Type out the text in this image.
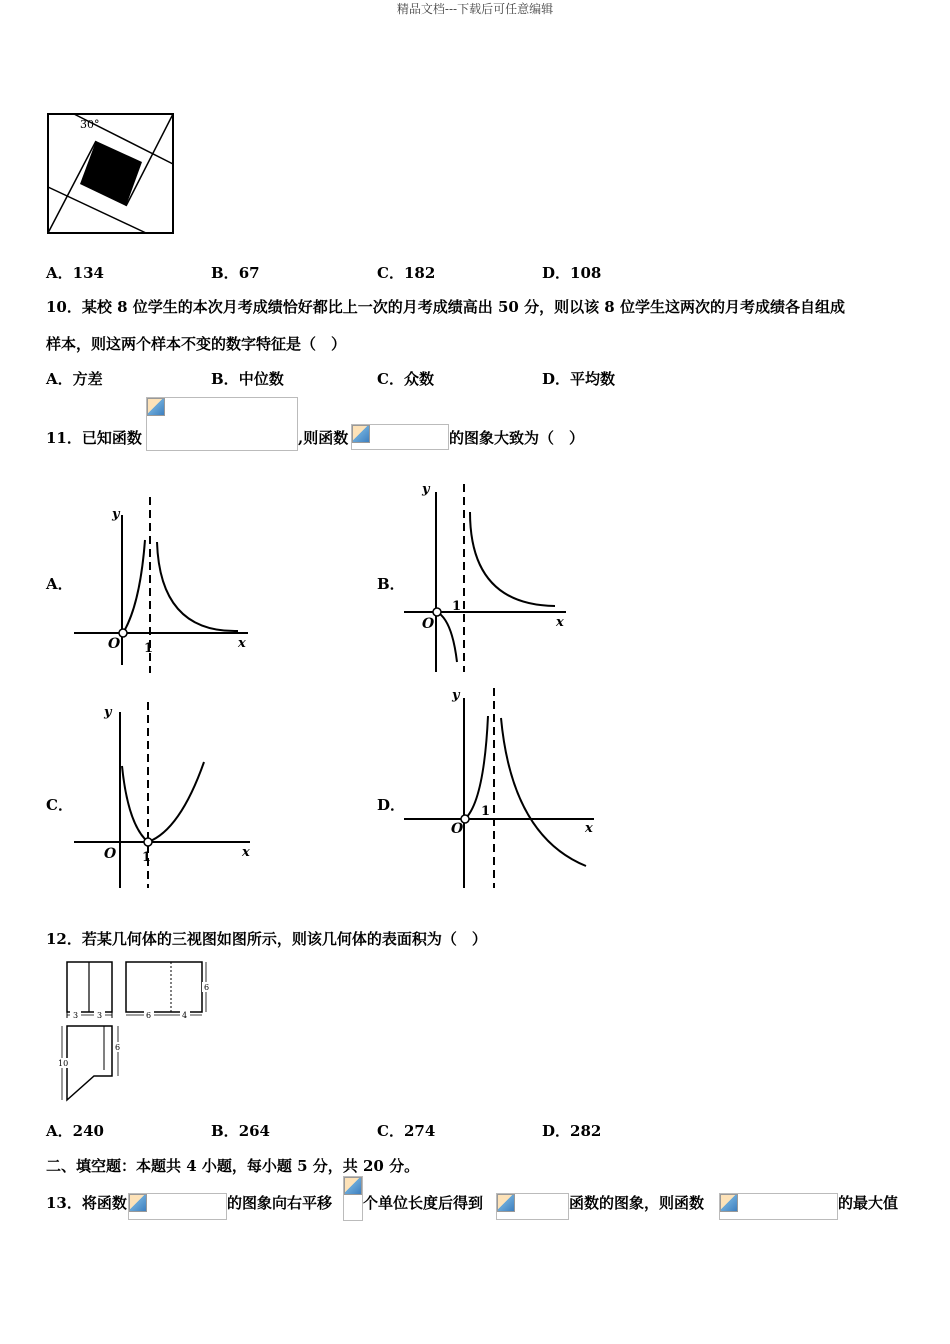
精品文档---下载后可任意编辑
30°
A．134	B．67	C．182	D．108
10．某校 8 位学生的本次月考成绩恰好都比上一次的月考成绩高出 50 分，则以该 8 位学生这两次的月考成绩各自组成
样本，则这两个样本不变的数字特征是（　）
A．方差	B．中位数	C．众数	D．平均数
11．已知函数	,则函数	的图象大致为（　）
A．
y
x
O 1
B．
y
x
O
1
C．
y
x
O 1
D．
y
x
O
1
12．若某几何体的三视图如图所示，则该几何体的表面积为（　）
3 3	6	4
6
10
6
A．240	B．264	C．274	D．282
二、填空题：本题共 4 小题，每小题 5 分，共 20 分。
13．将函数	的图象向右平移 个单位长度后得到	函数的图象，则函数	的最大值
